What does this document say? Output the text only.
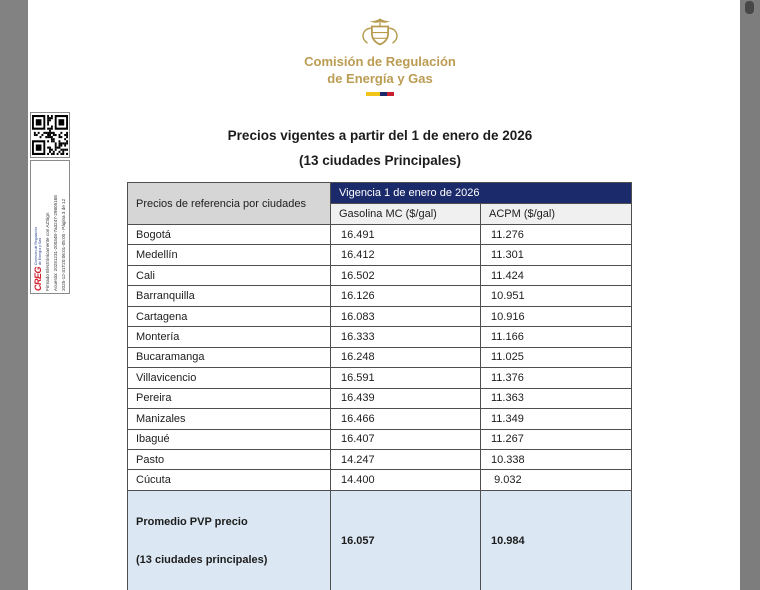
CREG
Comisión de Regulación de Energía y Gas Firmado Electrónicamente con AZSign Acuerdo: 20251231-200348-7a3247-29805168 2025-12-31T20:06:01-05:00 - Página 3 de 12
Comisión de Regulación
de Energía y Gas
Precios vigentes a partir del 1 de enero de 2026
(13 ciudades Principales)
Precios de referencia por ciudades	Vigencia 1 de enero de 2026	
	Gasolina MC ($/gal)	ACPM ($/gal)
Bogotá	16.491	11.276
Medellín	16.412	11.301
Cali	16.502	11.424
Barranquilla	16.126	10.951
Cartagena	16.083	10.916
Montería	16.333	11.166
Bucaramanga	16.248	11.025
Villavicencio	16.591	11.376
Pereira	16.439	11.363
Manizales	16.466	11.349
Ibagué	16.407	11.267
Pasto	14.247	10.338
Cúcuta	14.400	9.032

Promedio PVP precio

(13 ciudades principales)	16.057	10.984
